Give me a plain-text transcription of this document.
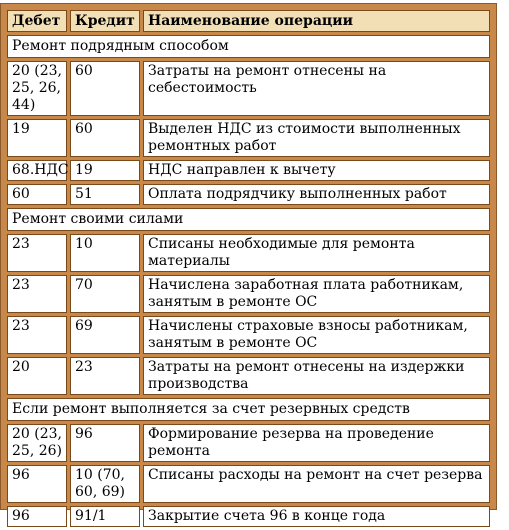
Дебет	Кредит	Наименование операции
Ремонт подрядным способом		
20 (23, 25, 26, 44)	60	Затраты на ремонт отнесены на себестоимость
19	60	Выделен НДС из стоимости выполненных ремонтных работ
68.НДС	19	НДС направлен к вычету
60	51	Оплата подрядчику выполненных работ
Ремонт своими силами		
23	10	Списаны необходимые для ремонта материалы
23	70	Начислена заработная плата работникам, занятым в ремонте ОС
23	69	Начислены страховые взносы работникам, занятым в ремонте ОС
20	23	Затраты на ремонт отнесены на издержки производства
Если ремонт выполняется за счет резервных средств		
20 (23, 25, 26)	96	Формирование резерва на проведение ремонта
96	10 (70, 60, 69)	Списаны расходы на ремонт на счет резерва
96	91/1	Закрытие счета 96 в конце года
